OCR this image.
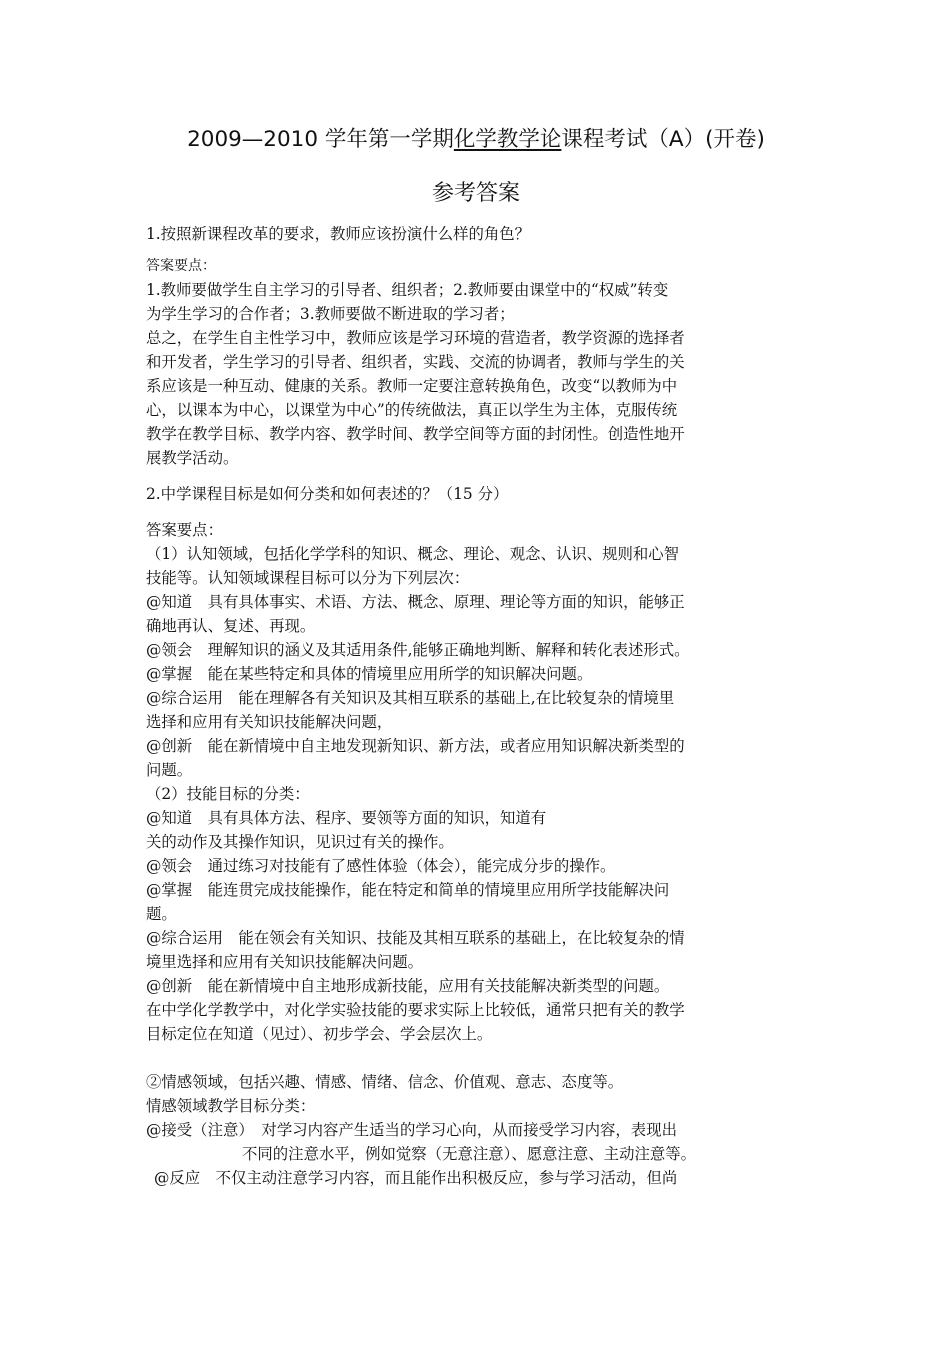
2009—2010 学年第一学期化学教学论课程考试（A）(开卷)
参考答案

1.按照新课程改革的要求，教师应该扮演什么样的角色？

答案要点：

1.教师要做学生自主学习的引导者、组织者；2.教师要由课堂中的“权威”转变

为学生学习的合作者；3.教师要做不断进取的学习者；

总之，在学生自主性学习中，教师应该是学习环境的营造者，教学资源的选择者

和开发者，学生学习的引导者、组织者，实践、交流的协调者，教师与学生的关

系应该是一种互动、健康的关系。教师一定要注意转换角色，改变“以教师为中

心，以课本为中心，以课堂为中心”的传统做法，真正以学生为主体，克服传统

教学在教学目标、教学内容、教学时间、教学空间等方面的封闭性。创造性地开

展教学活动。

2.中学课程目标是如何分类和如何表述的？（15 分）

答案要点：

（1）认知领域，包括化学学科的知识、概念、理论、观念、认识、规则和心智

技能等。认知领域课程目标可以分为下列层次：

@知道　具有具体事实、术语、方法、概念、原理、理论等方面的知识，能够正

确地再认、复述、再现。

@领会　理解知识的涵义及其适用条件,能够正确地判断、解释和转化表述形式。

@掌握　能在某些特定和具体的情境里应用所学的知识解决问题。

@综合运用　能在理解各有关知识及其相互联系的基础上,在比较复杂的情境里

选择和应用有关知识技能解决问题，

@创新　能在新情境中自主地发现新知识、新方法，或者应用知识解决新类型的

问题。

（2）技能目标的分类：

@知道　具有具体方法、程序、要领等方面的知识，知道有

关的动作及其操作知识，见识过有关的操作。

@领会　通过练习对技能有了感性体验（体会），能完成分步的操作。

@掌握　能连贯完成技能操作，能在特定和简单的情境里应用所学技能解决问

题。

@综合运用　能在领会有关知识、技能及其相互联系的基础上，在比较复杂的情

境里选择和应用有关知识技能解决问题。

@创新　能在新情境中自主地形成新技能，应用有关技能解决新类型的问题。

在中学化学教学中，对化学实验技能的要求实际上比较低，通常只把有关的教学

目标定位在知道（见过）、初步学会、学会层次上。

②情感领域，包括兴趣、情感、情绪、信念、价值观、意志、态度等。

情感领域教学目标分类：

@接受（注意）　对学习内容产生适当的学习心向，从而接受学习内容，表现出

不同的注意水平，例如觉察（无意注意）、愿意注意、主动注意等。

@反应　不仅主动注意学习内容，而且能作出积极反应，参与学习活动，但尚
